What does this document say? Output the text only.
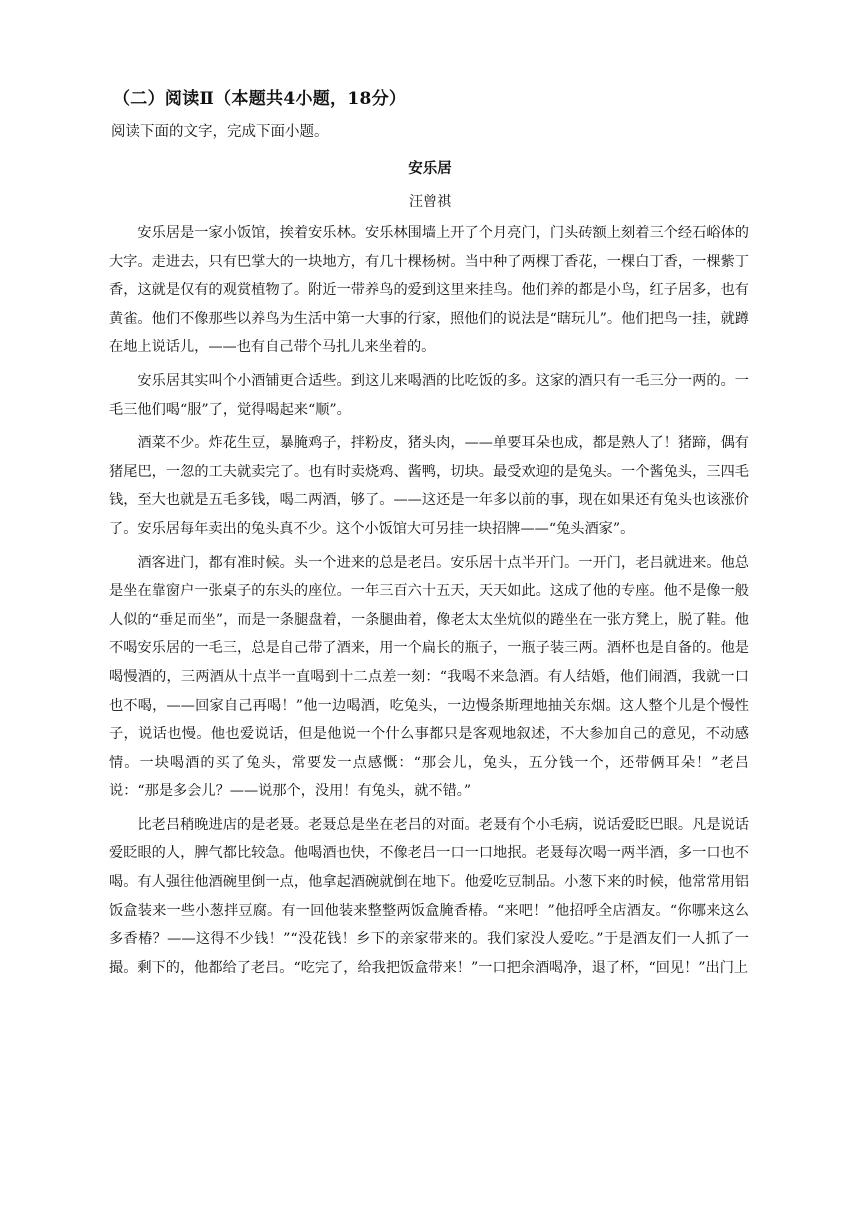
（二）阅读Ⅱ（本题共4小题，18分）
阅读下面的文字，完成下面小题。
安乐居
汪曾祺

安乐居是一家小饭馆，挨着安乐林。安乐林围墙上开了个月亮门，门头砖额上刻着三个经石峪体的大字。走进去，只有巴掌大的一块地方，有几十棵杨树。当中种了两棵丁香花，一棵白丁香，一棵紫丁香，这就是仅有的观赏植物了。附近一带养鸟的爱到这里来挂鸟。他们养的都是小鸟，红子居多，也有黄雀。他们不像那些以养鸟为生活中第一大事的行家，照他们的说法是“瞎玩儿”。他们把鸟一挂，就蹲在地上说话儿，——也有自己带个马扎儿来坐着的。

安乐居其实叫个小酒铺更合适些。到这儿来喝酒的比吃饭的多。这家的酒只有一毛三分一两的。一毛三他们喝“服”了，觉得喝起来“顺”。

酒菜不少。炸花生豆，暴腌鸡子，拌粉皮，猪头肉，——单要耳朵也成，都是熟人了！猪蹄，偶有猪尾巴，一忽的工夫就卖完了。也有时卖烧鸡、酱鸭，切块。最受欢迎的是兔头。一个酱兔头，三四毛钱，至大也就是五毛多钱，喝二两酒，够了。——这还是一年多以前的事，现在如果还有兔头也该涨价了。安乐居每年卖出的兔头真不少。这个小饭馆大可另挂一块招牌——“兔头酒家”。

酒客进门，都有准时候。头一个进来的总是老吕。安乐居十点半开门。一开门，老吕就进来。他总是坐在靠窗户一张桌子的东头的座位。一年三百六十五天，天天如此。这成了他的专座。他不是像一般人似的“垂足而坐”，而是一条腿盘着，一条腿曲着，像老太太坐炕似的踡坐在一张方凳上，脱了鞋。他不喝安乐居的一毛三，总是自己带了酒来，用一个扁长的瓶子，一瓶子装三两。酒杯也是自备的。他是喝慢酒的，三两酒从十点半一直喝到十二点差一刻：“我喝不来急酒。有人结婚，他们闹酒，我就一口也不喝，——回家自己再喝！”他一边喝酒，吃兔头，一边慢条斯理地抽关东烟。这人整个儿是个慢性子，说话也慢。他也爱说话，但是他说一个什么事都只是客观地叙述，不大参加自己的意见，不动感情。一块喝酒的买了兔头，常要发一点感慨：“那会儿，兔头，五分钱一个，还带俩耳朵！”老吕说：“那是多会儿？——说那个，没用！有兔头，就不错。”

比老吕稍晚进店的是老聂。老聂总是坐在老吕的对面。老聂有个小毛病，说话爱眨巴眼。凡是说话爱眨眼的人，脾气都比较急。他喝酒也快，不像老吕一口一口地抿。老聂每次喝一两半酒，多一口也不喝。有人强往他酒碗里倒一点，他拿起酒碗就倒在地下。他爱吃豆制品。小葱下来的时候，他常常用铝饭盒装来一些小葱拌豆腐。有一回他装来整整两饭盒腌香椿。“来吧！”他招呼全店酒友。“你哪来这么多香椿？——这得不少钱！”“没花钱！乡下的亲家带来的。我们家没人爱吃。”于是酒友们一人抓了一撮。剩下的，他都给了老吕。“吃完了，给我把饭盒带来！”一口把余酒喝净，退了杯，“回见！”出门上
